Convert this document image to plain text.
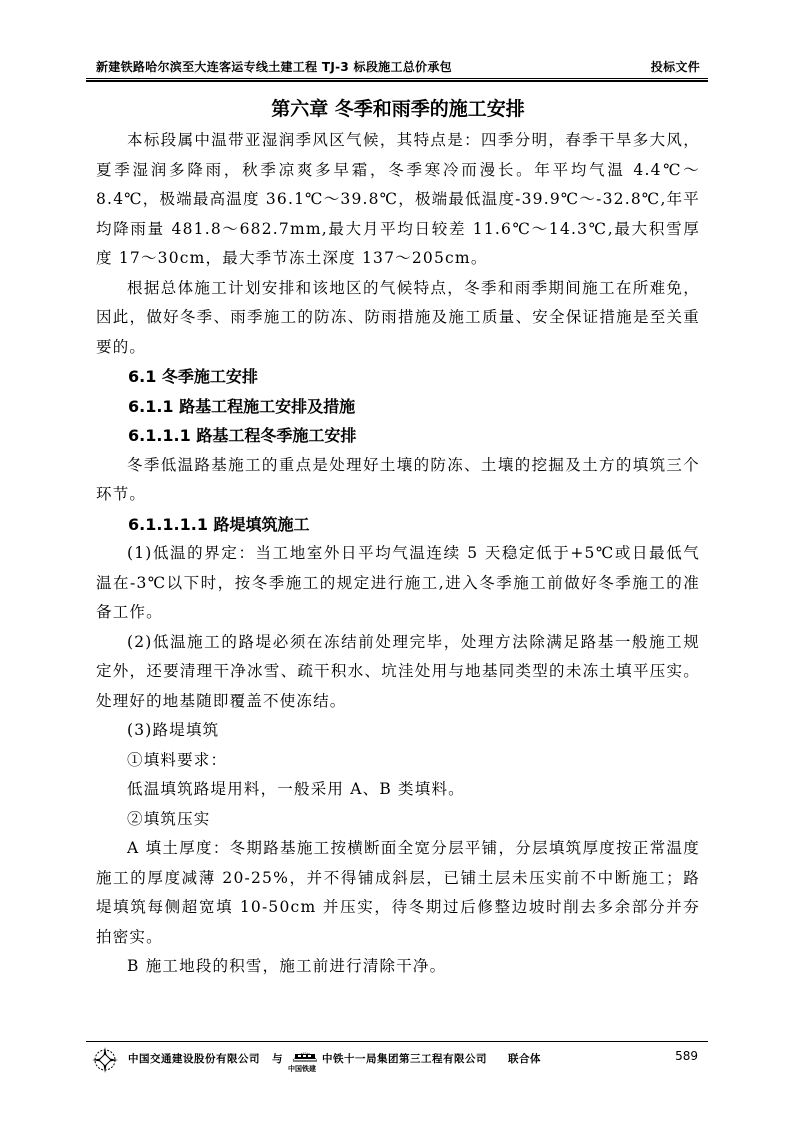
新建铁路哈尔滨至大连客运专线土建工程 TJ-3 标段施工总价承包	投标文件
第六章 冬季和雨季的施工安排

本标段属中温带亚湿润季风区气候，其特点是：四季分明，春季干旱多大风，夏季湿润多降雨，秋季凉爽多早霜，冬季寒冷而漫长。年平均气温 4.4℃～8.4℃，极端最高温度 36.1℃～39.8℃，极端最低温度-39.9℃～-32.8℃,年平均降雨量 481.8～682.7mm,最大月平均日较差 11.6℃～14.3℃,最大积雪厚度 17～30cm，最大季节冻土深度 137～205cm。

根据总体施工计划安排和该地区的气候特点，冬季和雨季期间施工在所难免，因此，做好冬季、雨季施工的防冻、防雨措施及施工质量、安全保证措施是至关重要的。

6.1 冬季施工安排

6.1.1 路基工程施工安排及措施

6.1.1.1 路基工程冬季施工安排

冬季低温路基施工的重点是处理好土壤的防冻、土壤的挖掘及土方的填筑三个环节。

6.1.1.1.1 路堤填筑施工

(1)低温的界定：当工地室外日平均气温连续 5 天稳定低于+5℃或日最低气温在-3℃以下时，按冬季施工的规定进行施工,进入冬季施工前做好冬季施工的准备工作。

(2)低温施工的路堤必须在冻结前处理完毕，处理方法除满足路基一般施工规定外，还要清理干净冰雪、疏干积水、坑洼处用与地基同类型的未冻土填平压实。处理好的地基随即覆盖不使冻结。

(3)路堤填筑

①填料要求：

低温填筑路堤用料，一般采用 A、B 类填料。

②填筑压实

A 填土厚度：冬期路基施工按横断面全宽分层平铺，分层填筑厚度按正常温度施工的厚度减薄 20-25%，并不得铺成斜层，已铺土层未压实前不中断施工；路堤填筑每侧超宽填 10-50cm 并压实，待冬期过后修整边坡时削去多余部分并夯拍密实。

B 施工地段的积雪，施工前进行清除干净。

中国交通建设股份有限公司 与
中国铁建
中铁十一局集团第三工程有限公司 联合体	589
